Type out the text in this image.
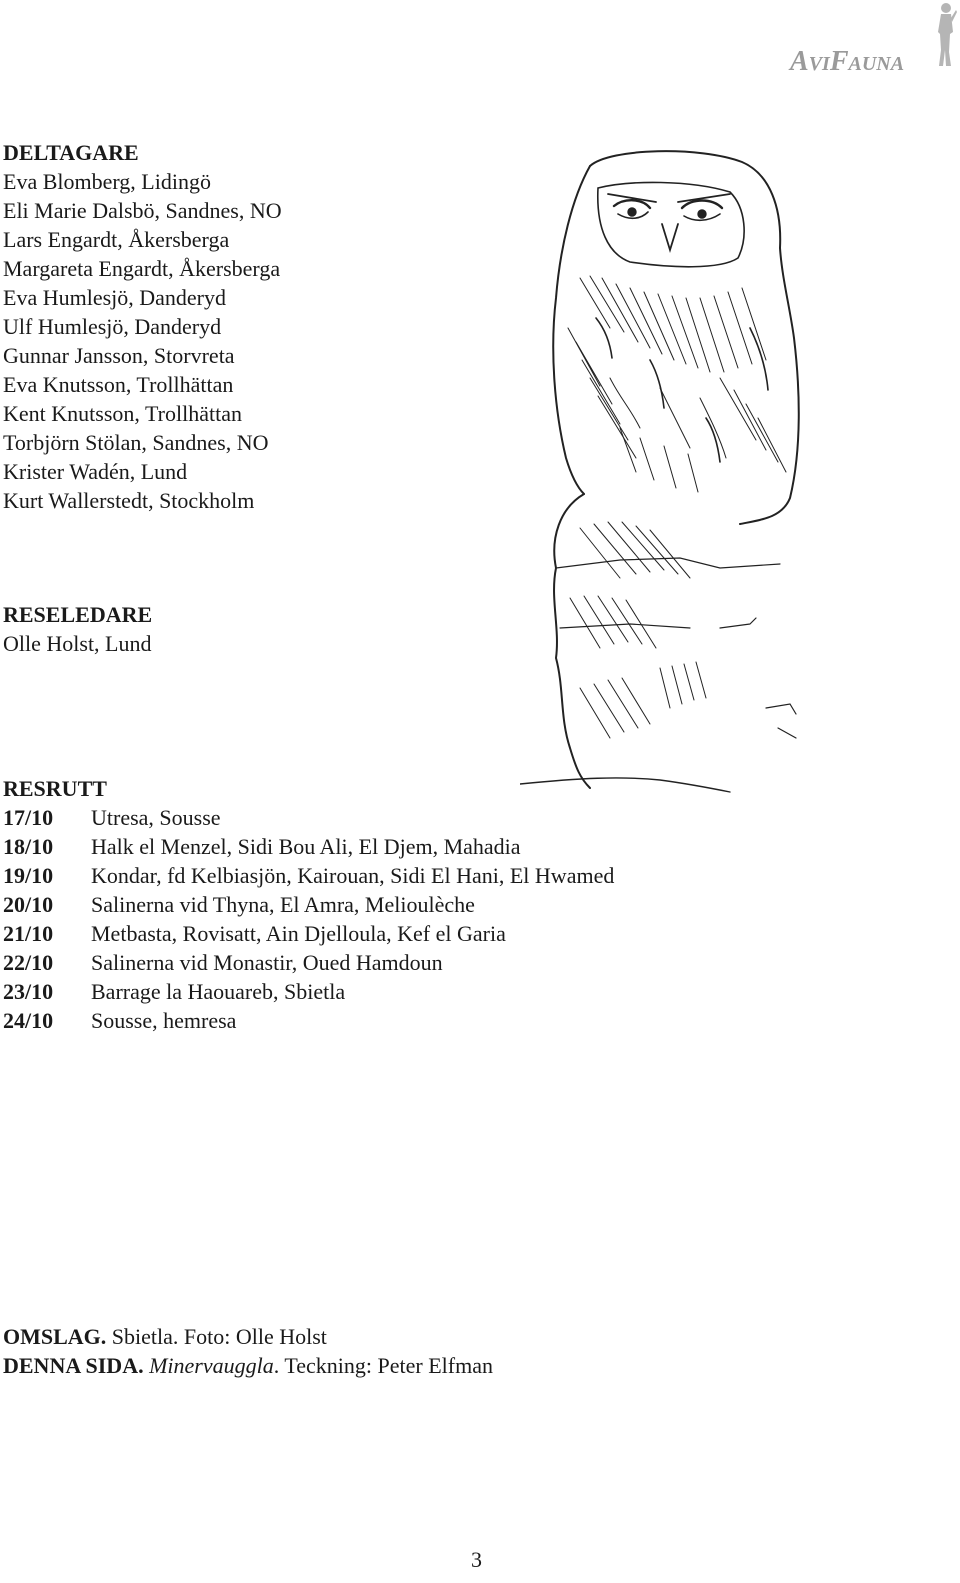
AVIFAUNA
DELTAGARE
Eva Blomberg, Lidingö
Eli Marie Dalsbö, Sandnes, NO
Lars Engardt, Åkersberga
Margareta Engardt, Åkersberga
Eva Humlesjö, Danderyd
Ulf Humlesjö, Danderyd
Gunnar Jansson, Storvreta
Eva Knutsson, Trollhättan
Kent Knutsson, Trollhättan
Torbjörn Stölan, Sandnes, NO
Krister Wadén, Lund
Kurt Wallerstedt, Stockholm
RESELEDARE
Olle Holst, Lund
RESRUTT
17/10 Utresa, Sousse
18/10 Halk el Menzel, Sidi Bou Ali, El Djem, Mahadia
19/10 Kondar, fd Kelbiasjön, Kairouan, Sidi El Hani, El Hwamed
20/10 Salinerna vid Thyna, El Amra, Melioulèche
21/10 Metbasta, Rovisatt, Ain Djelloula, Kef el Garia
22/10 Salinerna vid Monastir, Oued Hamdoun
23/10 Barrage la Haouareb, Sbietla
24/10 Sousse, hemresa
OMSLAG. Sbietla. Foto: Olle Holst
DENNA SIDA. Minervauggla. Teckning: Peter Elfman
3
